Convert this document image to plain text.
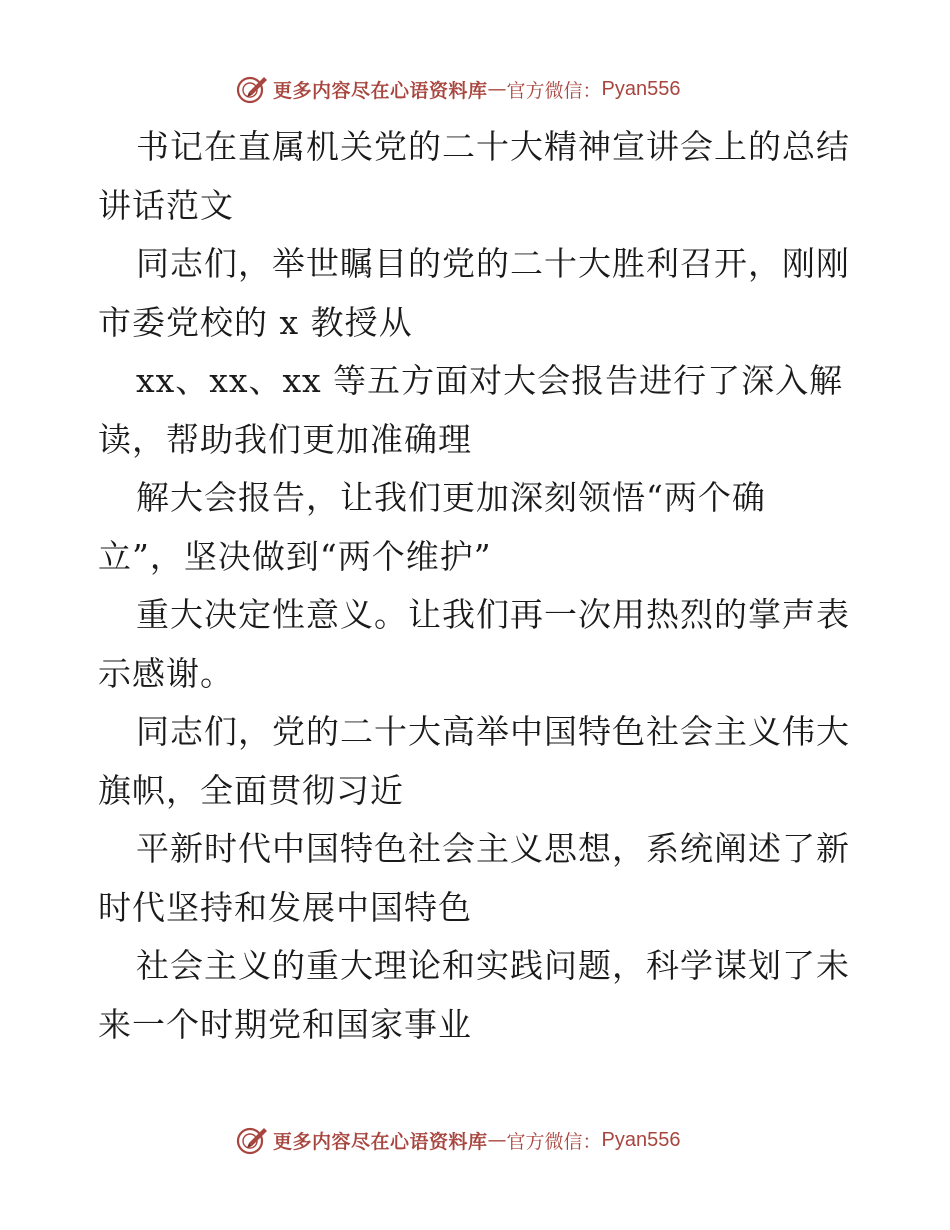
更多内容尽在心语资料库 — 官方微信： Pyan556

书记在直属机关党的二十大精神宣讲会上的总结

讲话范文

同志们，举世瞩目的党的二十大胜利召开，刚刚

市委党校的 x 教授从

xx、xx、xx 等五方面对大会报告进行了深入解

读，帮助我们更加准确理

解大会报告，让我们更加深刻领悟“两个确

立”，坚决做到“两个维护”

重大决定性意义。让我们再一次用热烈的掌声表

示感谢。

同志们，党的二十大高举中国特色社会主义伟大

旗帜，全面贯彻习近

平新时代中国特色社会主义思想，系统阐述了新

时代坚持和发展中国特色

社会主义的重大理论和实践问题，科学谋划了未

来一个时期党和国家事业

更多内容尽在心语资料库 — 官方微信： Pyan556
